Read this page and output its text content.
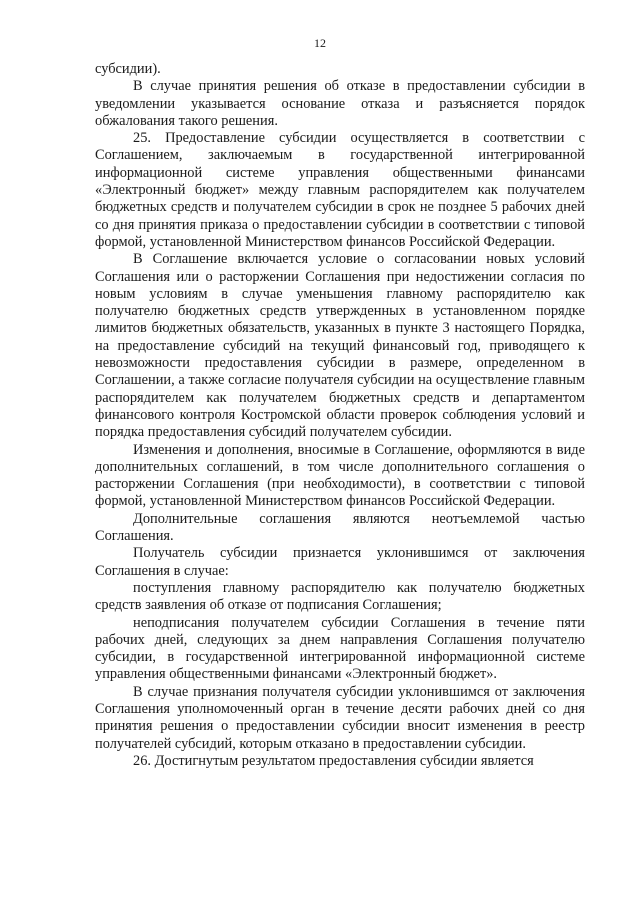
12

субсидии).

В случае принятия решения об отказе в предоставлении субсидии в уведомлении указывается основание отказа и разъясняется порядок обжалования такого решения.

25. Предоставление субсидии осуществляется в соответствии с Соглашением, заключаемым в государственной интегрированной информационной системе управления общественными финансами «Электронный бюджет» между главным распорядителем как получателем бюджетных средств и получателем субсидии в срок не позднее 5 рабочих дней со дня принятия приказа о предоставлении субсидии в соответствии с типовой формой, установленной Министерством финансов Российской Федерации.

В Соглашение включается условие о согласовании новых условий Соглашения или о расторжении Соглашения при недостижении согласия по новым условиям в случае уменьшения главному распорядителю как получателю бюджетных средств утвержденных в установленном порядке лимитов бюджетных обязательств, указанных в пункте 3 настоящего Порядка, на предоставление субсидий на текущий финансовый год, приводящего к невозможности предоставления субсидии в размере, определенном в Соглашении, а также согласие получателя субсидии на осуществление главным распорядителем как получателем бюджетных средств и департаментом финансового контроля Костромской области проверок соблюдения условий и порядка предоставления субсидий получателем субсидии.

Изменения и дополнения, вносимые в Соглашение, оформляются в виде дополнительных соглашений, в том числе дополнительного соглашения о расторжении Соглашения (при необходимости), в соответствии с типовой формой, установленной Министерством финансов Российской Федерации.

Дополнительные соглашения являются неотъемлемой частью Соглашения.

Получатель субсидии признается уклонившимся от заключения Соглашения в случае:

поступления главному распорядителю как получателю бюджетных средств заявления об отказе от подписания Соглашения;

неподписания получателем субсидии Соглашения в течение пяти рабочих дней, следующих за днем направления Соглашения получателю субсидии, в государственной интегрированной информационной системе управления общественными финансами «Электронный бюджет».

В случае признания получателя субсидии уклонившимся от заключения Соглашения уполномоченный орган в течение десяти рабочих дней со дня принятия решения о предоставлении субсидии вносит изменения в реестр получателей субсидий, которым отказано в предоставлении субсидии.

26. Достигнутым результатом предоставления субсидии является
